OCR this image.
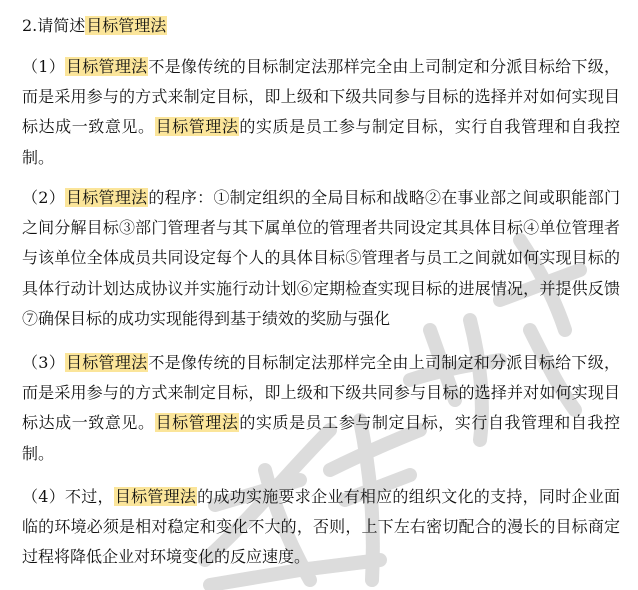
2.请简述目标管理法
（1）目标管理法不是像传统的目标制定法那样完全由上司制定和分派目标给下级，而是采用参与的方式来制定目标，即上级和下级共同参与目标的选择并对如何实现目标达成一致意见。目标管理法的实质是员工参与制定目标，实行自我管理和自我控制。
（2）目标管理法的程序：①制定组织的全局目标和战略②在事业部之间或职能部门之间分解目标③部门管理者与其下属单位的管理者共同设定其具体目标④单位管理者与该单位全体成员共同设定每个人的具体目标⑤管理者与员工之间就如何实现目标的具体行动计划达成协议并实施行动计划⑥定期检查实现目标的进展情况，并提供反馈⑦确保目标的成功实现能得到基于绩效的奖励与强化
（3）目标管理法不是像传统的目标制定法那样完全由上司制定和分派目标给下级，而是采用参与的方式来制定目标，即上级和下级共同参与目标的选择并对如何实现目标达成一致意见。目标管理法的实质是员工参与制定目标，实行自我管理和自我控制。
（4）不过，目标管理法的成功实施要求企业有相应的组织文化的支持，同时企业面临的环境必须是相对稳定和变化不大的，否则，上下左右密切配合的漫长的目标商定过程将降低企业对环境变化的反应速度。
